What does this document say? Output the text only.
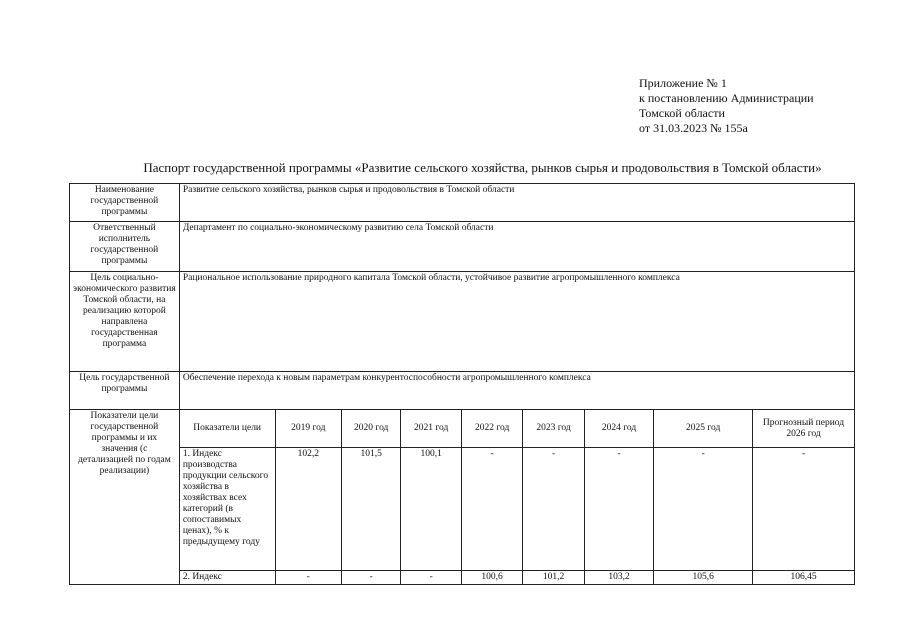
Приложение № 1
к постановлению Администрации
Томской области
от 31.03.2023 № 155а
Паспорт государственной программы «Развитие сельского хозяйства, рынков сырья и продовольствия в Томской области»
Наименование государственной программы	Развитие сельского хозяйства, рынков сырья и продовольствия в Томской области								
Ответственный исполнитель государственной программы	Департамент по социально-экономическому развитию села Томской области								
Цель социально-экономического развития Томской области, на реализацию которой направлена государственная программа	Рациональное использование природного капитала Томской области, устойчивое развитие агропромышленного комплекса								
Цель государственной программы	Обеспечение перехода к новым параметрам конкурентоспособности агропромышленного комплекса								
Показатели цели государственной программы и их значения (с детализацией по годам реализации)	Показатели цели	2019 год	2020 год	2021 год	2022 год	2023 год	2024 год	2025 год	Прогнозный период 2026 год
	1. Индекс производства продукции сельского хозяйства в хозяйствах всех категорий (в сопоставимых ценах), % к предыдущему году	102,2	101,5	100,1	-	-	-	-	-
	2. Индекс	-	-	-	100,6	101,2	103,2	105,6	106,45
